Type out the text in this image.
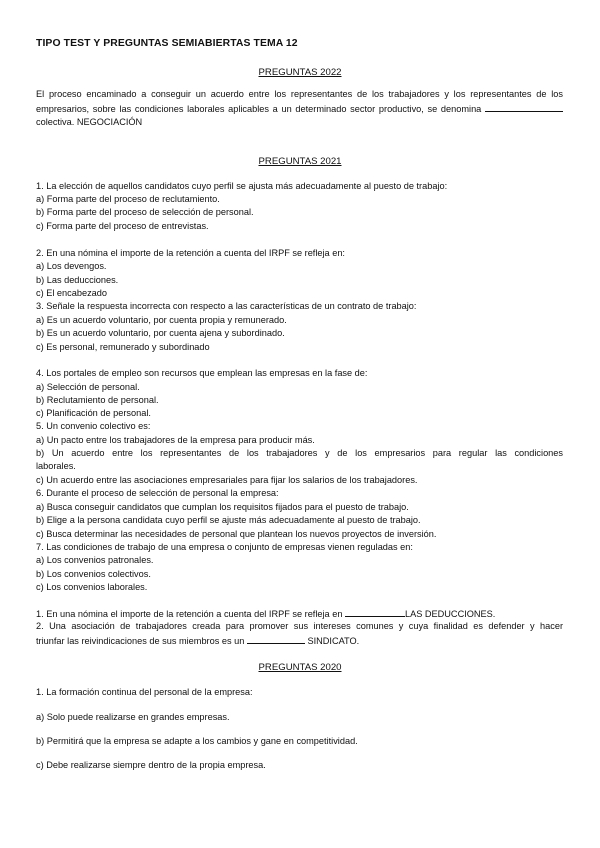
TIPO TEST Y PREGUNTAS SEMIABIERTAS TEMA 12
PREGUNTAS 2022
El proceso encaminado a conseguir un acuerdo entre los representantes de los trabajadores y los representantes de los empresarios, sobre las condiciones laborales aplicables a un determinado sector productivo, se denomina  colectiva. NEGOCIACIÓN
PREGUNTAS 2021
1. La elección de aquellos candidatos cuyo perfil se ajusta más adecuadamente al puesto de trabajo:
a) Forma parte del proceso de reclutamiento.
b) Forma parte del proceso de selección de personal.
c) Forma parte del proceso de entrevistas.
2. En una nómina el importe de la retención a cuenta del IRPF se refleja en:
a) Los devengos.
b) Las deducciones.
c) El encabezado
3. Señale la respuesta incorrecta con respecto a las características de un contrato de trabajo:
a) Es un acuerdo voluntario, por cuenta propia y remunerado.
b) Es un acuerdo voluntario, por cuenta ajena y subordinado.
c) Es personal, remunerado y subordinado
4. Los portales de empleo son recursos que emplean las empresas en la fase de:
a) Selección de personal.
b) Reclutamiento de personal.
c) Planificación de personal.
5. Un convenio colectivo es:
a) Un pacto entre los trabajadores de la empresa para producir más.
b) Un acuerdo entre los representantes de los trabajadores y de los empresarios para regular las condiciones
laborales.
c) Un acuerdo entre las asociaciones empresariales para fijar los salarios de los trabajadores.
6. Durante el proceso de selección de personal la empresa:
a) Busca conseguir candidatos que cumplan los requisitos fijados para el puesto de trabajo.
b) Elige a la persona candidata cuyo perfil se ajuste más adecuadamente al puesto de trabajo.
c) Busca determinar las necesidades de personal que plantean los nuevos proyectos de inversión.
7. Las condiciones de trabajo de una empresa o conjunto de empresas vienen reguladas en:
a) Los convenios patronales.
b) Los convenios colectivos.
c) Los convenios laborales.
1. En una nómina el importe de la retención a cuenta del IRPF se refleja en	LAS DEDUCCIONES.
2. Una asociación de trabajadores creada para promover sus intereses comunes y cuya finalidad es defender y hacer
triunfar las reivindicaciones de sus miembros es un	SINDICATO.
PREGUNTAS 2020
1. La formación continua del personal de la empresa:
a) Solo puede realizarse en grandes empresas.
b) Permitirá que la empresa se adapte a los cambios y gane en competitividad.
c) Debe realizarse siempre dentro de la propia empresa.
